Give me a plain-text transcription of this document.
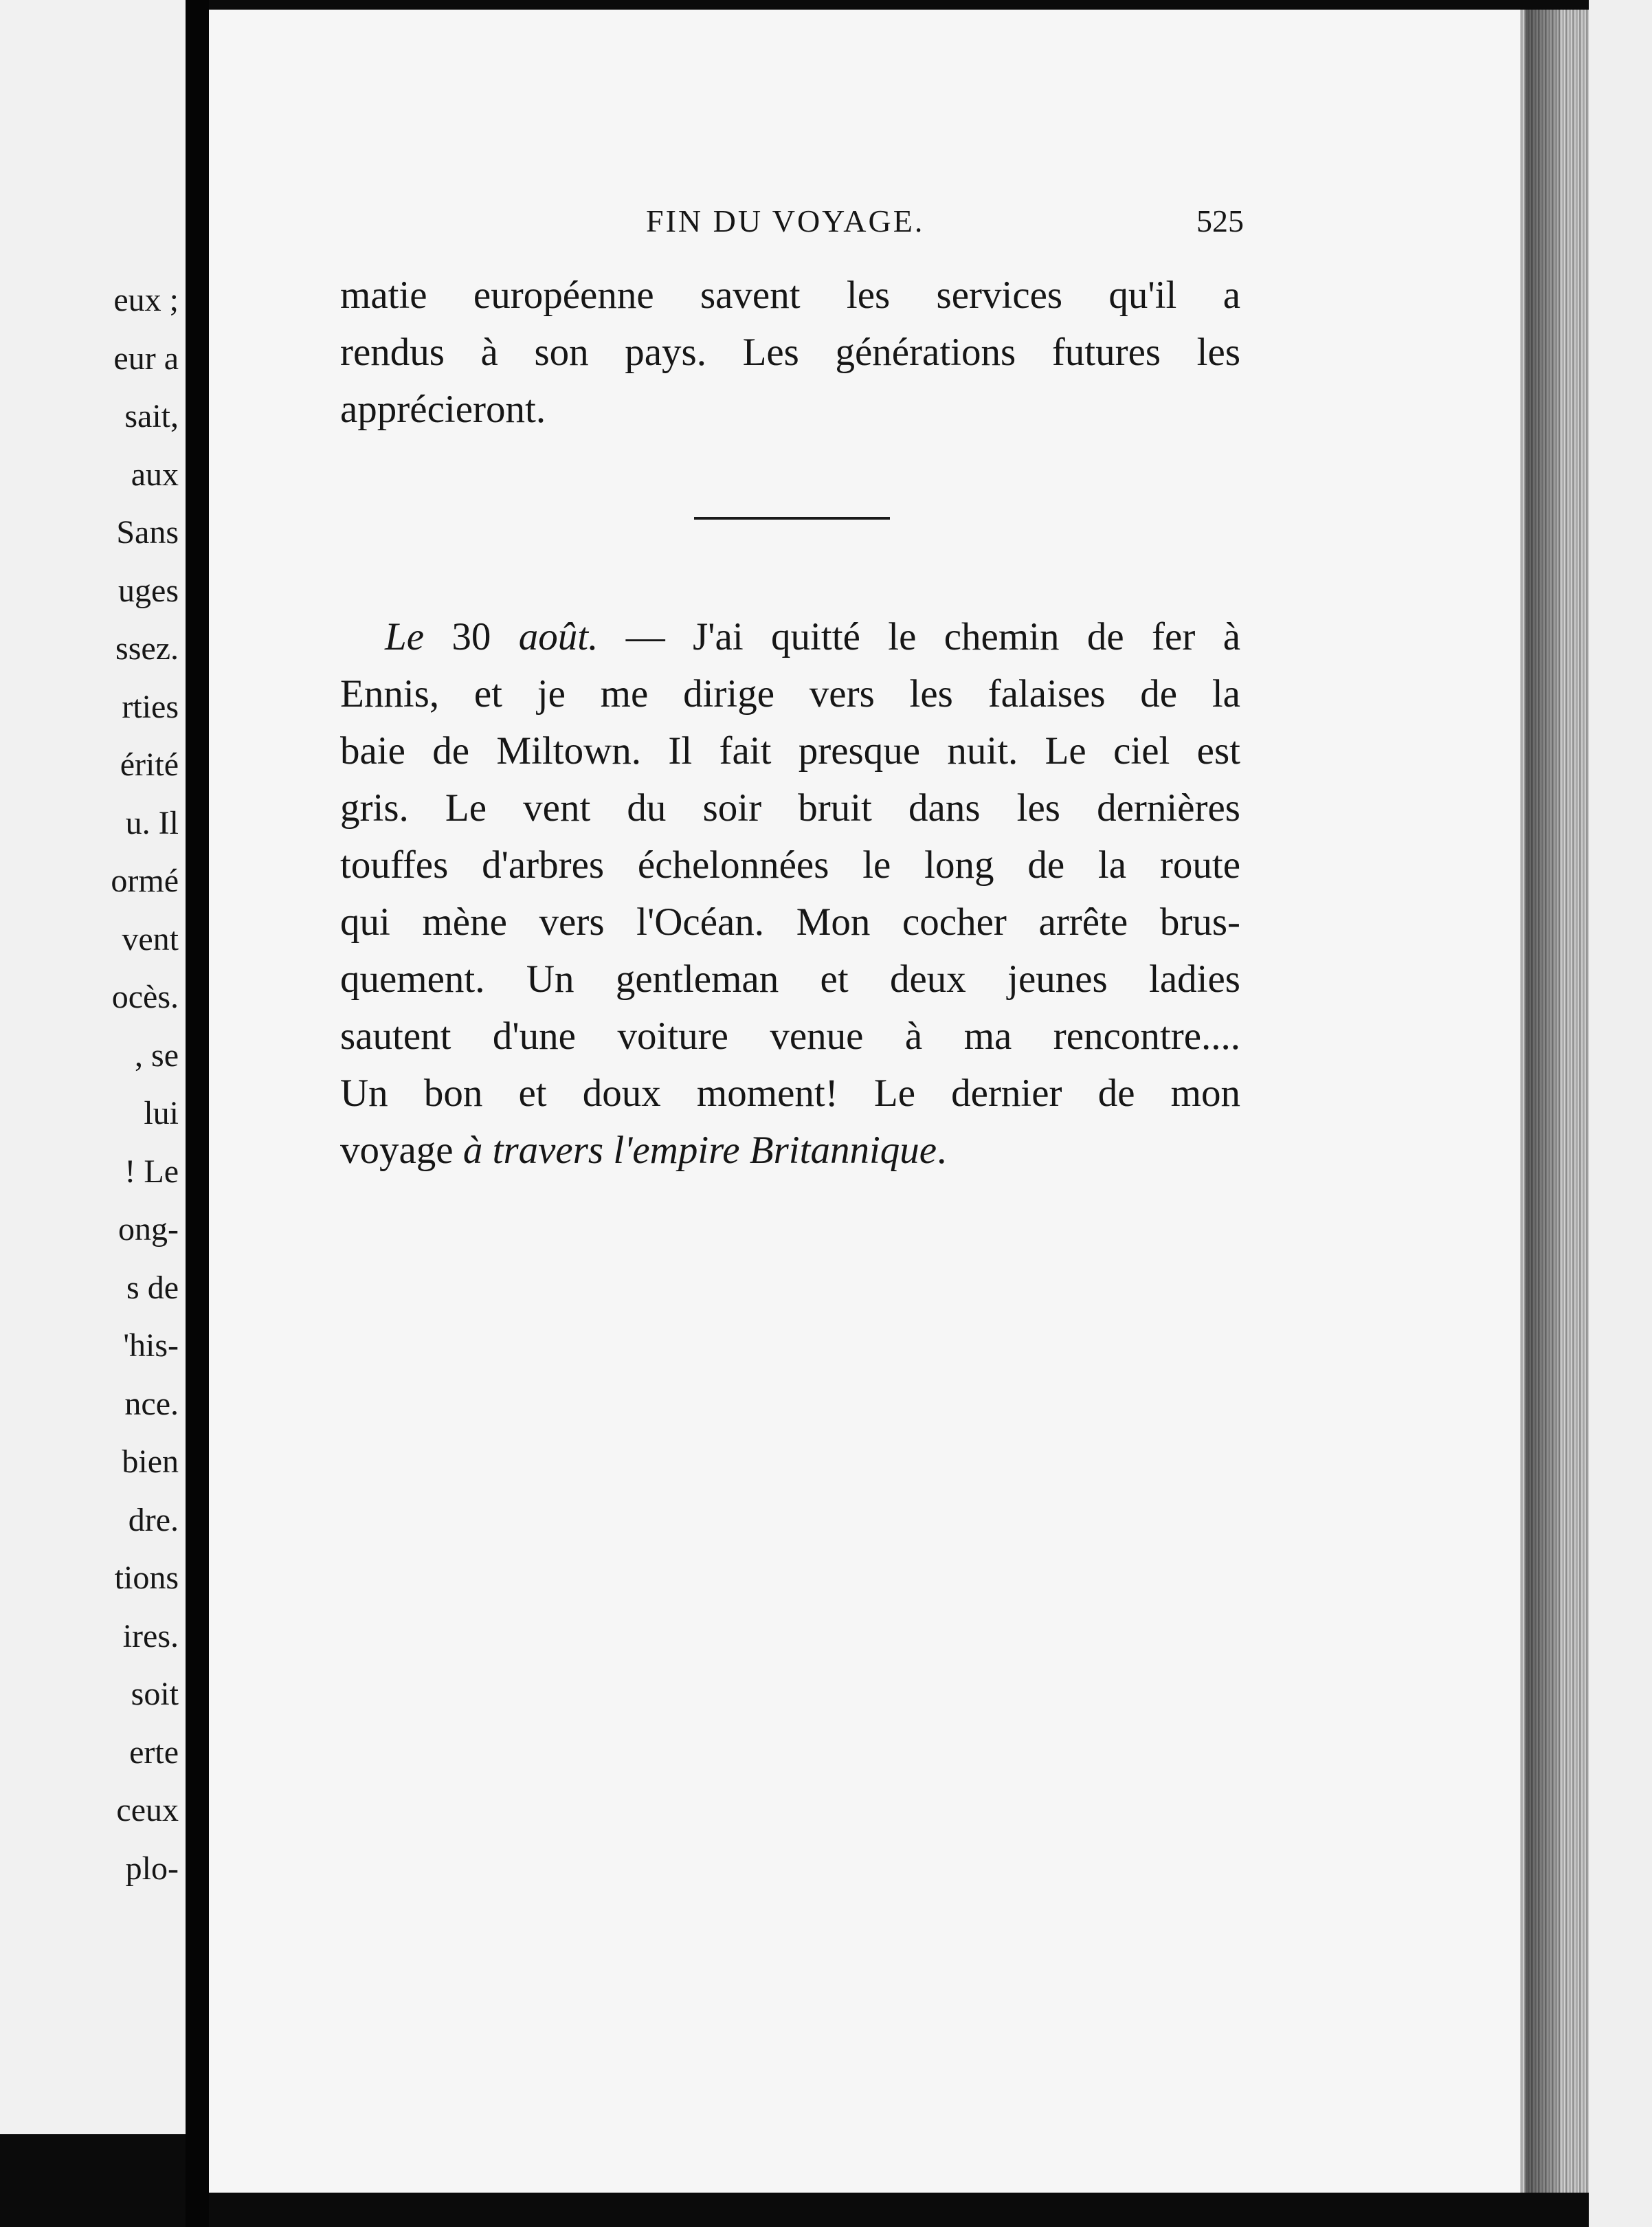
eux ;
eur a
sait,
aux
Sans
uges
ssez.
rties
érité
u. Il
ormé
vent
ocès.
, se
lui
! Le
ong-
s de
'his-
nce.
bien
dre.
tions
ires.
soit
erte
ceux
plo-
FIN DU VOYAGE.	525
matie européenne savent les services qu'il a
rendus à son pays. Les générations futures les
apprécieront.
Le 30 août. — J'ai quitté le chemin de fer à
Ennis, et je me dirige vers les falaises de la
baie de Miltown. Il fait presque nuit. Le ciel est
gris. Le vent du soir bruit dans les dernières
touffes d'arbres échelonnées le long de la route
qui mène vers l'Océan. Mon cocher arrête brus-
quement. Un gentleman et deux jeunes ladies
sautent d'une voiture venue à ma rencontre....
Un bon et doux moment! Le dernier de mon
voyage à travers l'empire Britannique.
